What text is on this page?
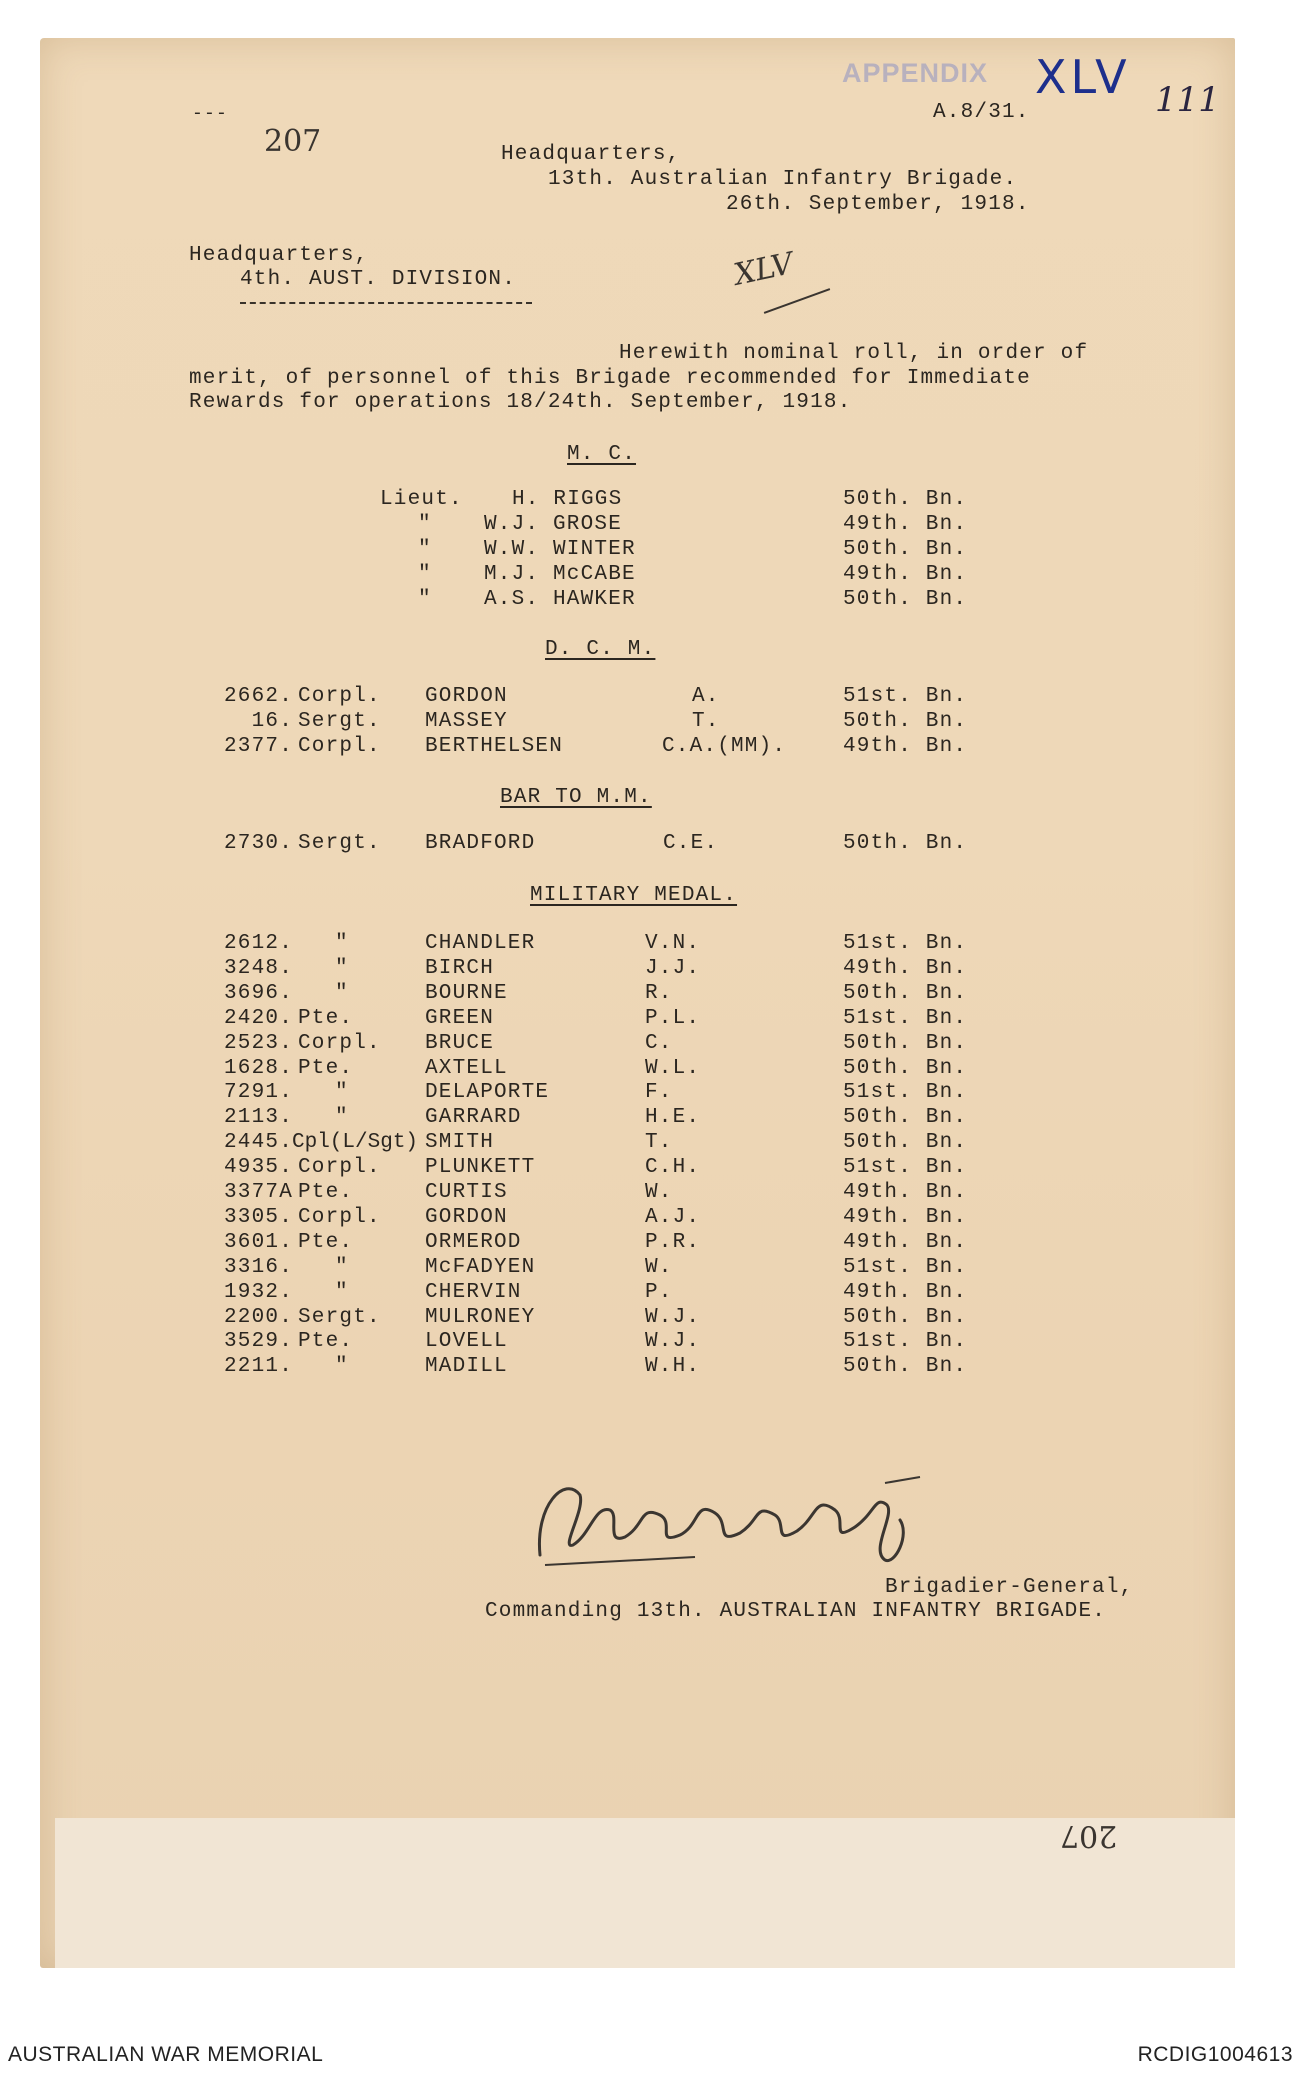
APPENDIX
A.8/31.
XLV 111
---
207	Headquarters,
13th. Australian Infantry Brigade.
26th. September, 1918.
Headquarters,
4th. AUST. DIVISION.	XLV
Herewith nominal roll, in order of
merit, of personnel of this Brigade recommended for Immediate
Rewards for operations 18/24th. September, 1918.
M. C.
Lieut. H. RIGGS	50th. Bn.
" W.J. GROSE	49th. Bn.
" W.W. WINTER	50th. Bn.
" M.J. McCABE	49th. Bn.
" A.S. HAWKER	50th. Bn.
D. C. M.
2662. Corpl. GORDON	A.	51st. Bn.
16. Sergt. MASSEY	T.	50th. Bn.
2377. Corpl. BERTHELSEN	C.A.(MM).	49th. Bn.
BAR TO M.M.
2730. Sergt. BRADFORD	C.E.	50th. Bn.
MILITARY MEDAL.
2612. "	CHANDLER	V.N.	51st. Bn.
3248. "	BIRCH	J.J.	49th. Bn.
3696. "	BOURNE	R.	50th. Bn.
2420. Pte.	GREEN	P.L.	51st. Bn.
2523. Corpl. BRUCE	C.	50th. Bn.
1628. Pte.	AXTELL	W.L.	50th. Bn.
7291. "	DELAPORTE	F.	51st. Bn.
2113. "	GARRARD	H.E.	50th. Bn.
2445. Cpl(L/Sgt) SMITH	T.	50th. Bn.
4935. Corpl. PLUNKETT	C.H.	51st. Bn.
3377A Pte.	CURTIS	W.	49th. Bn.
3305. Corpl. GORDON	A.J.	49th. Bn.
3601. Pte.	ORMEROD	P.R.	49th. Bn.
3316. "	McFADYEN	W.	51st. Bn.
1932. "	CHERVIN	P.	49th. Bn.
2200. Sergt. MULRONEY	W.J.	50th. Bn.
3529. Pte.	LOVELL	W.J.	51st. Bn.
2211. "	MADILL	W.H.	50th. Bn.
Brigadier-General,
Commanding 13th. AUSTRALIAN INFANTRY BRIGADE.
207
AUSTRALIAN WAR MEMORIAL	RCDIG1004613
